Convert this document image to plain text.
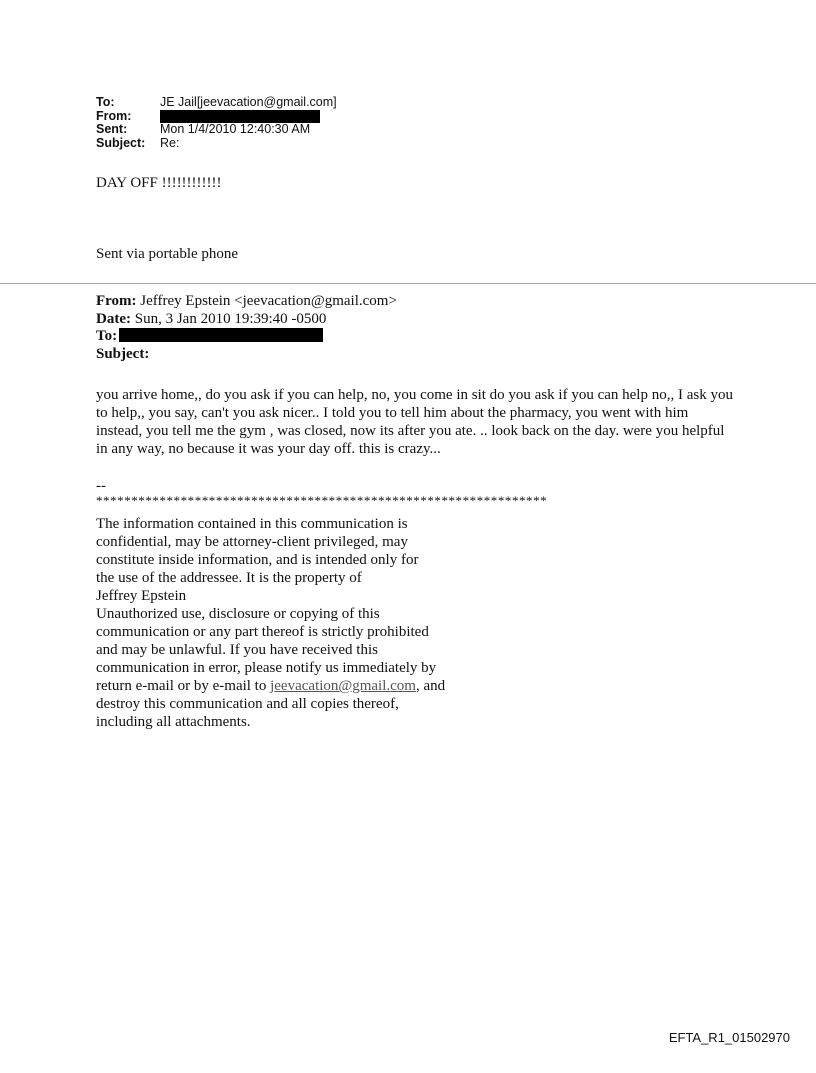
To:	JE Jail[jeevacation@gmail.com]
From:
Sent:	Mon 1/4/2010 12:40:30 AM
Subject:	Re:
DAY OFF !!!!!!!!!!!!
Sent via portable phone
From: Jeffrey Epstein <jeevacation@gmail.com>
Date: Sun, 3 Jan 2010 19:39:40 -0500
To:
Subject:
you arrive home,, do you ask if you can help, no, you come in sit do you ask if you can help no,, I ask you to help,, you say, can't you ask nicer.. I told you to tell him about the pharmacy, you went with him instead, you tell me the gym , was closed, now its after you ate. .. look back on the day. were you helpful in any way, no because it was your day off. this is crazy...
--
****************************************************************
The information contained in this communication is
confidential, may be attorney-client privileged, may
constitute inside information, and is intended only for
the use of the addressee. It is the property of
Jeffrey Epstein
Unauthorized use, disclosure or copying of this
communication or any part thereof is strictly prohibited
and may be unlawful. If you have received this
communication in error, please notify us immediately by
return e-mail or by e-mail to jeevacation@gmail.com, and
destroy this communication and all copies thereof,
including all attachments.
EFTA_R1_01502970
